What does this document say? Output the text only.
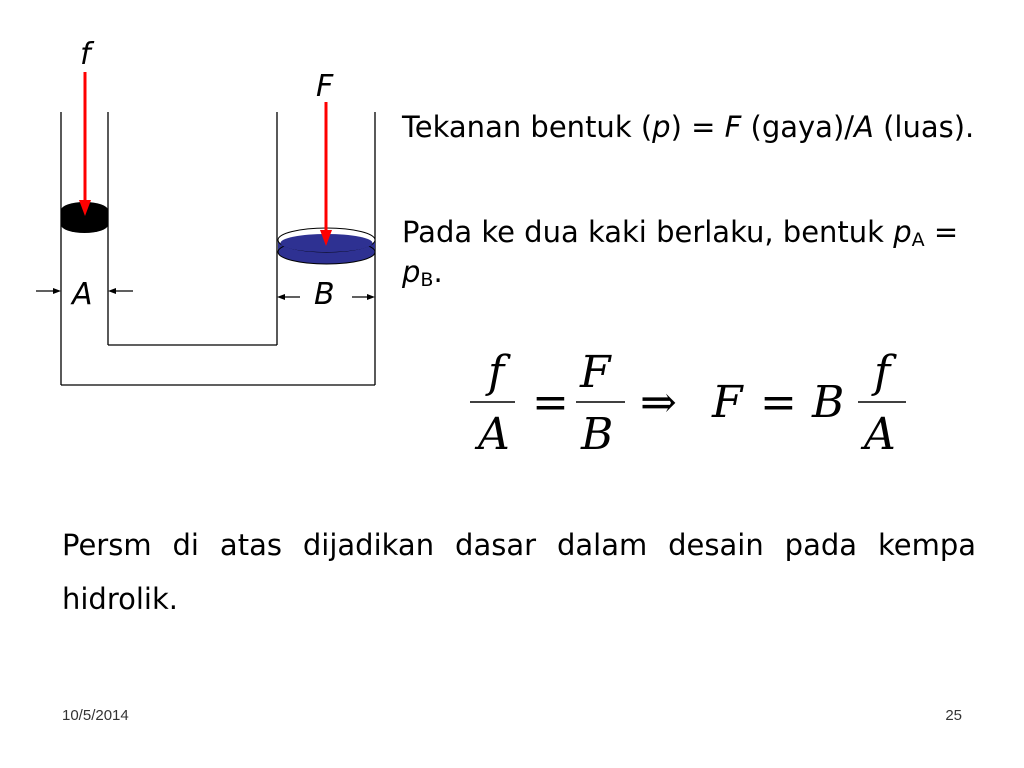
f
F
A	B

Tekanan bentuk (p) = F (gaya)/A (luas).

Pada ke dua kaki berlaku, bentuk $p_A = p_B$.

f
A
=
F
B
⇒ F = B
f
A

Persm di atas dijadikan dasar dalam desain pada kempa hidrolik.

10/5/2014	25
